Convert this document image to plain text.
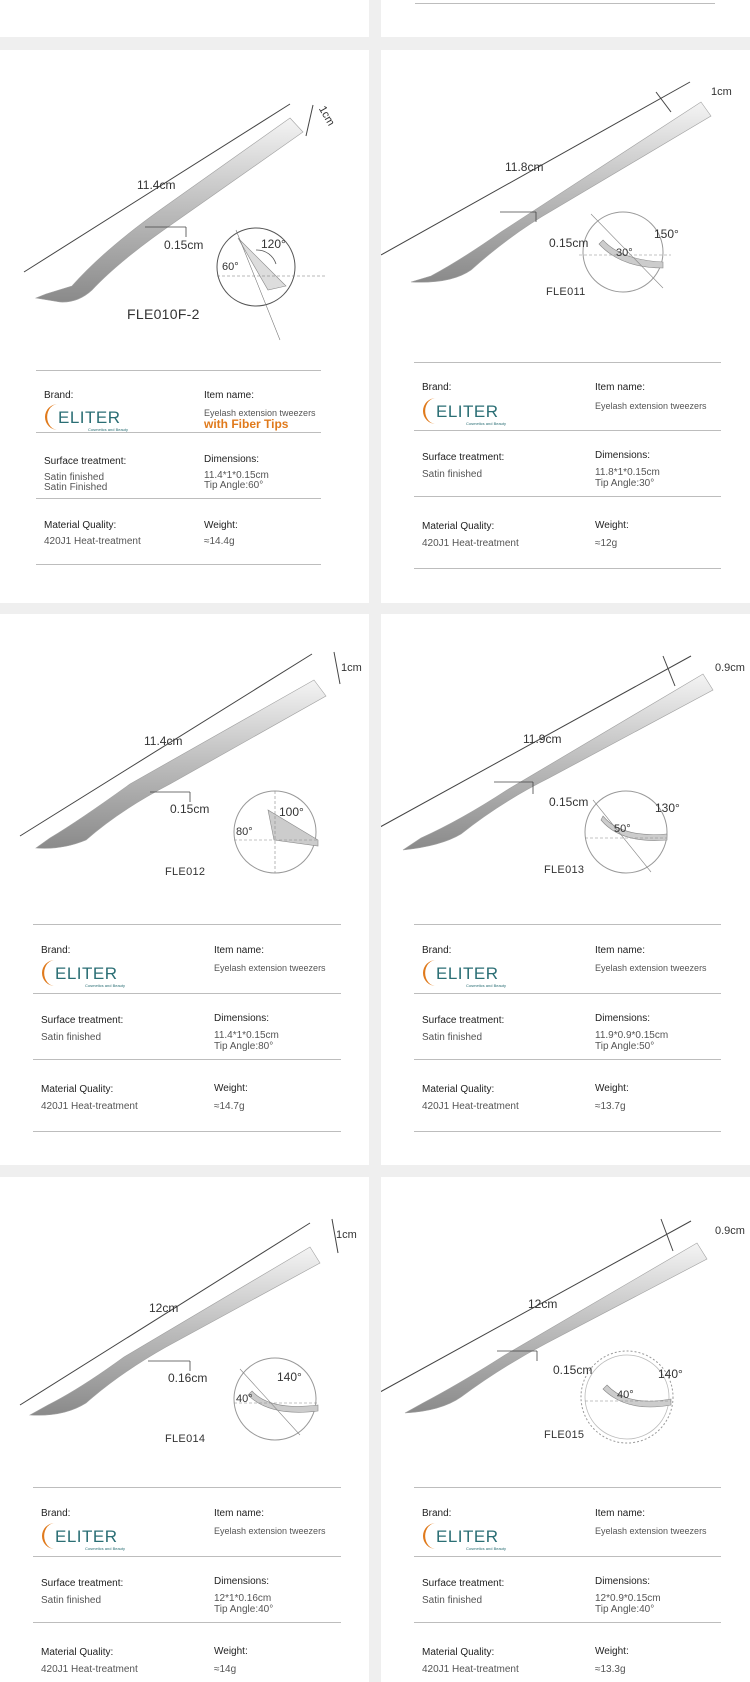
11.4cm
1cm
0.15cm	120°
60°
FLE010F-2
Brand:
ELITER
Cosmetics and Beauty
Item name:
Eyelash extension tweezers
with Fiber Tips
Surface treatment:
Satin finished
Satin Finished
Dimensions:
11.4*1*0.15cm
Tip Angle:60°
Material Quality:
420J1 Heat-treatment
Weight:
≈14.4g
11.8cm
1cm
0.15cm
150°
30°
FLE011
Brand:
ELITER
Cosmetics and Beauty
Item name:
Eyelash extension tweezers
Surface treatment:
Satin finished
Dimensions:
11.8*1*0.15cm
Tip Angle:30°
Material Quality:
420J1 Heat-treatment
Weight:
≈12g
11.4cm
1cm
0.15cm	100°
80°
FLE012
Brand:
ELITER
Cosmetics and Beauty
Item name:
Eyelash extension tweezers
Surface treatment:
Satin finished
Dimensions:
11.4*1*0.15cm
Tip Angle:80°
Material Quality:
420J1 Heat-treatment
Weight:
≈14.7g
11.9cm
0.9cm
0.15cm	130°
50°
FLE013
Brand:
ELITER
Cosmetics and Beauty
Item name:
Eyelash extension tweezers
Surface treatment:
Satin finished
Dimensions:
11.9*0.9*0.15cm
Tip Angle:50°
Material Quality:
420J1 Heat-treatment
Weight:
≈13.7g
12cm
1cm
0.16cm	140°
40°
FLE014
Brand:
ELITER
Cosmetics and Beauty
Item name:
Eyelash extension tweezers
Surface treatment:
Satin finished
Dimensions:
12*1*0.16cm
Tip Angle:40°
Material Quality:
420J1 Heat-treatment
Weight:
≈14g
12cm
0.9cm
0.15cm	140°
40°
FLE015
Brand:
ELITER
Cosmetics and Beauty
Item name:
Eyelash extension tweezers
Surface treatment:
Satin finished
Dimensions:
12*0.9*0.15cm
Tip Angle:40°
Material Quality:
420J1 Heat-treatment
Weight:
≈13.3g
